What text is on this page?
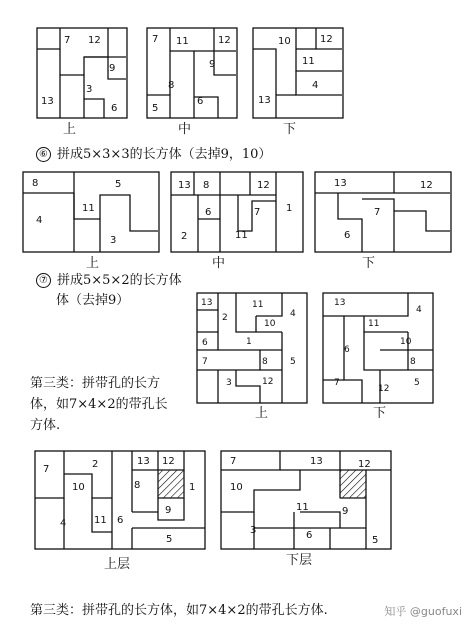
7 12
9
13
3
6
上
7 11	12
9
8
5
6
中
10	12
11
4
13
下
⑥ 拼成5×3×3的长方体（去掉9，10）
8	5
4
11
3
上
13 8	12
1
6	7
2	11
中
13	12
7
6
下
⑦ 拼成5×5×2的长方体
体（去掉9）	13	11
2
10
4
6	1
7	8 5
3	12
上
13
11
4
10
6
7
8
12
5
下
第三类：拼带孔的长方
体，如7×4×2的带孔长
方体.
7	2	13 12
10	8	1
9
4	11 6
5
上层
7	13	12
10
11	9
3	6	5
下层
第三类：拼带孔的长方体，如7×4×2的带孔长方体.	知乎 @guofuxi
